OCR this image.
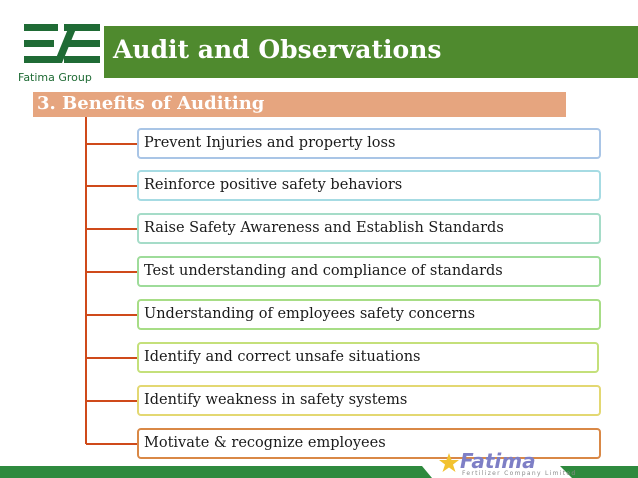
Fatima Group
Audit and Observations
3. Benefits of Auditing
Prevent Injuries and property loss
Reinforce positive safety behaviors
Raise Safety Awareness and Establish Standards
Test understanding and compliance of standards
Understanding of employees safety concerns
Identify and correct unsafe situations
Identify weakness in safety systems
Motivate & recognize employees
Fatima
Fertilizer Company Limited
